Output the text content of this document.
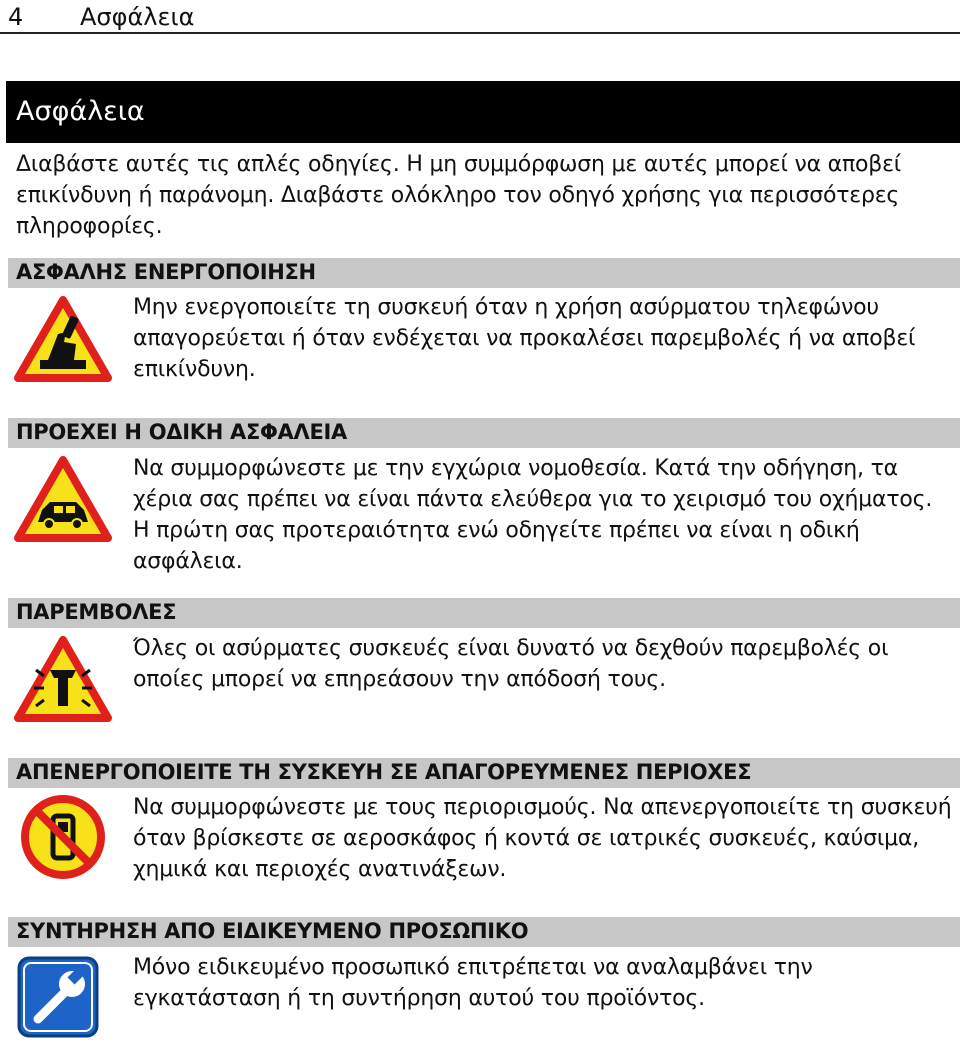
4 Ασφάλεια
Ασφάλεια
Διαβάστε αυτές τις απλές οδηγίες. Η μη συμμόρφωση με αυτές μπορεί να αποβεί επικίνδυνη ή παράνομη. Διαβάστε ολόκληρο τον οδηγό χρήσης για περισσότερες πληροφορίες.
ΑΣΦΑΛΗΣ ΕΝΕΡΓΟΠΟΙΗΣΗ
Μην ενεργοποιείτε τη συσκευή όταν η χρήση ασύρματου τηλεφώνου απαγορεύεται ή όταν ενδέχεται να προκαλέσει παρεμβολές ή να αποβεί επικίνδυνη.
ΠΡΟΕΧΕΙ Η ΟΔΙΚΗ ΑΣΦΑΛΕΙΑ
Να συμμορφώνεστε με την εγχώρια νομοθεσία. Κατά την οδήγηση, τα χέρια σας πρέπει να είναι πάντα ελεύθερα για το χειρισμό του οχήματος. Η πρώτη σας προτεραιότητα ενώ οδηγείτε πρέπει να είναι η οδική ασφάλεια.
ΠΑΡΕΜΒΟΛΕΣ
Όλες οι ασύρματες συσκευές είναι δυνατό να δεχθούν παρεμβολές οι οποίες μπορεί να επηρεάσουν την απόδοσή τους.
ΑΠΕΝΕΡΓΟΠΟΙΕΙΤΕ ΤΗ ΣΥΣΚΕΥΗ ΣΕ ΑΠΑΓΟΡΕΥΜΕΝΕΣ ΠΕΡΙΟΧΕΣ
Να συμμορφώνεστε με τους περιορισμούς. Να απενεργοποιείτε τη συσκευή όταν βρίσκεστε σε αεροσκάφος ή κοντά σε ιατρικές συσκευές, καύσιμα, χημικά και περιοχές ανατινάξεων.
ΣΥΝΤΗΡΗΣΗ ΑΠΟ ΕΙΔΙΚΕΥΜΕΝΟ ΠΡΟΣΩΠΙΚΟ
Μόνο ειδικευμένο προσωπικό επιτρέπεται να αναλαμβάνει την εγκατάσταση ή τη συντήρηση αυτού του προϊόντος.
